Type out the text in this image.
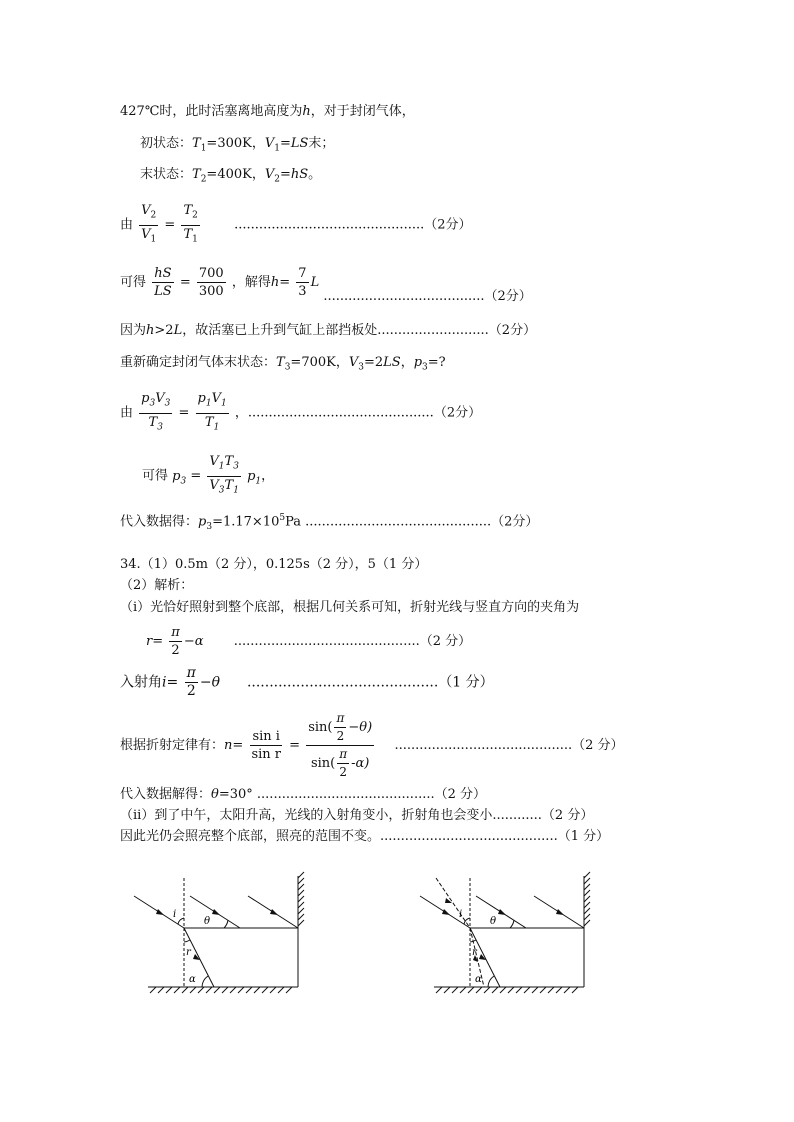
427℃时，此时活塞离地高度为h，对于封闭气体，
初状态：$T_1=300K$，$V_1=LS$末；
末状态：$T_2=400K$，$V_2=hS$。
由 $\frac{V_2}{V_1} = \frac{T_2}{T_1}$	..............................................（2分）
可得 $\frac{hS}{LS} = \frac{700}{300}$ ，解得$h= \frac{7}{3}$ L .......................................（2分）
因为h>2L，故活塞已上升到气缸上部挡板处...........................（2分）
重新确定封闭气体末状态：$T_3=700K$，$V_3=2LS$，$p_3=$?
由 $\frac{p_3V_3}{T_3} = \frac{p_1V_1}{T_1}$ ，.............................................（2分）
可得 $p_3 = \frac{V_1T_3}{V_3T_1} p_1$，
代入数据得：$p_3=1.17\times 10^5Pa$ .............................................（2分）
34.（1）0.5m（2 分），0.125s（2 分），5（1 分）
（2）解析：
（i）光恰好照射到整个底部，根据几何关系可知，折射光线与竖直方向的夹角为
$r= \frac{\pi}{2} -\alpha$ .............................................（2 分）
入射角$i= \frac{\pi}{2} -\theta$ ...........................................（1 分）
根据折射定律有：$n= \frac{\text{sin i}}{\text{sin r}} = \frac{\sin( \frac{\pi}{2} -\theta)}{\sin( \frac{\pi}{2} -\alpha)} ...........................................(2$ 分）
代入数据解得：θ=30° ...........................................（2 分）
（ii）到了中午，太阳升高，光线的入射角变小，折射角也会变小............（2 分）
因此光仍会照亮整个底部，照亮的范围不变。...........................................（1 分）
i
θ
r
α
i
θ
r
α
